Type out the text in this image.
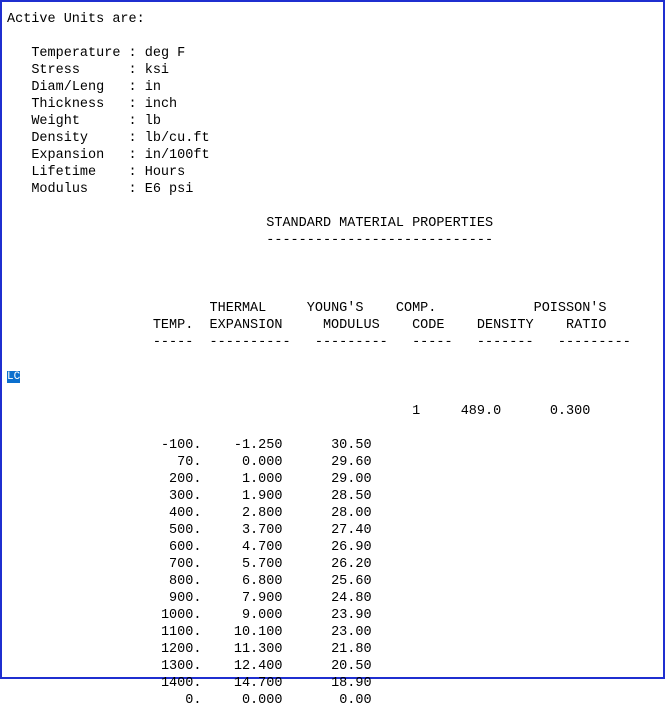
Active Units are:

Temperature : deg F
Stress      : ksi
Diam/Leng   : in
Thickness   : inch
Weight      : lb
Density     : lb/cu.ft
Expansion   : in/100ft
Lifetime    : Hours
Modulus     : E6 psi

STANDARD MATERIAL PROPERTIES
----------------------------

THERMAL     YOUNG'S    COMP.            POISSON'S
TEMP.  EXPANSION     MODULUS    CODE    DENSITY    RATIO
-----  ----------   ---------   -----   -------   ---------

LC

1	489.0	0.300

-100. -1.250	30.50
70.	0.000	29.60
200.	1.000	29.00
300.	1.900	28.50
400.	2.800	28.00
500.	3.700	27.40
600.	4.700	26.90
700.	5.700	26.20
800.	6.800	25.60
900.	7.900	24.80
1000.	9.000	23.90
1100. 10.100	23.00
1200. 11.300	21.80
1300. 12.400	20.50
1400. 14.700	18.90
0.	0.000	0.00
